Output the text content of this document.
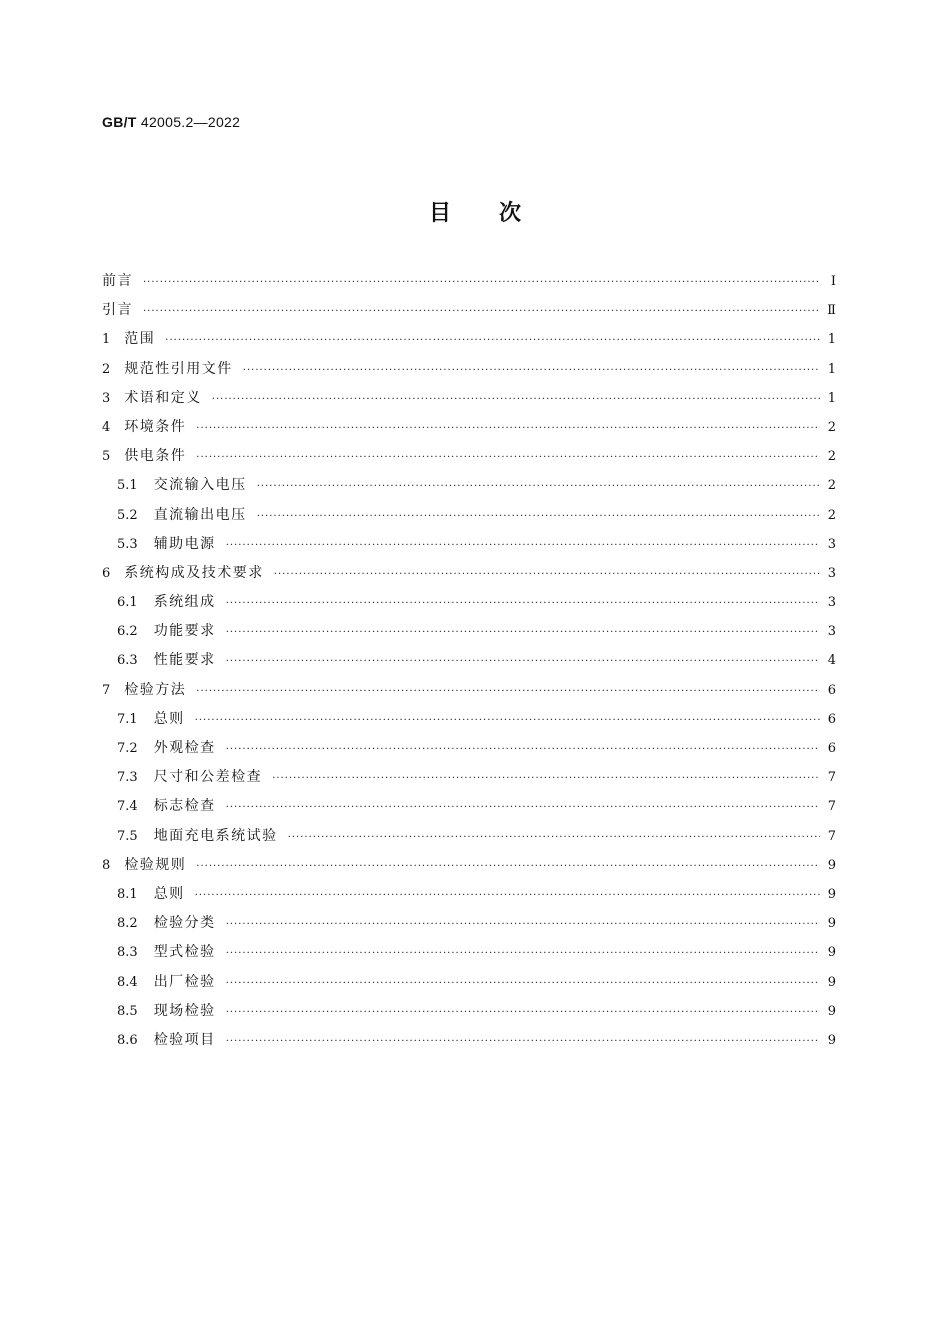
GB/T 42005.2—2022
目次
前言 ·····	Ⅰ
引言 ·····	Ⅱ
1 范围 ·····	1
2 规范性引用文件 ·····	1
3 术语和定义 ·····	1
4 环境条件 ·····	2
5 供电条件 ·····	2
5.1 交流输入电压 ·····	2
5.2 直流输出电压 ·····	2
5.3 辅助电源 ·····	3
6 系统构成及技术要求 ·····	3
6.1 系统组成 ·····	3
6.2 功能要求 ·····	3
6.3 性能要求 ·····	4
7 检验方法 ·····	6
7.1 总则 ·····	6
7.2 外观检查 ·····	6
7.3 尺寸和公差检查 ·····	7
7.4 标志检查 ·····	7
7.5 地面充电系统试验 ·····	7
8 检验规则 ·····	9
8.1 总则 ·····	9
8.2 检验分类 ·····	9
8.3 型式检验 ·····	9
8.4 出厂检验 ·····	9
8.5 现场检验 ·····	9
8.6 检验项目 ·····	9
